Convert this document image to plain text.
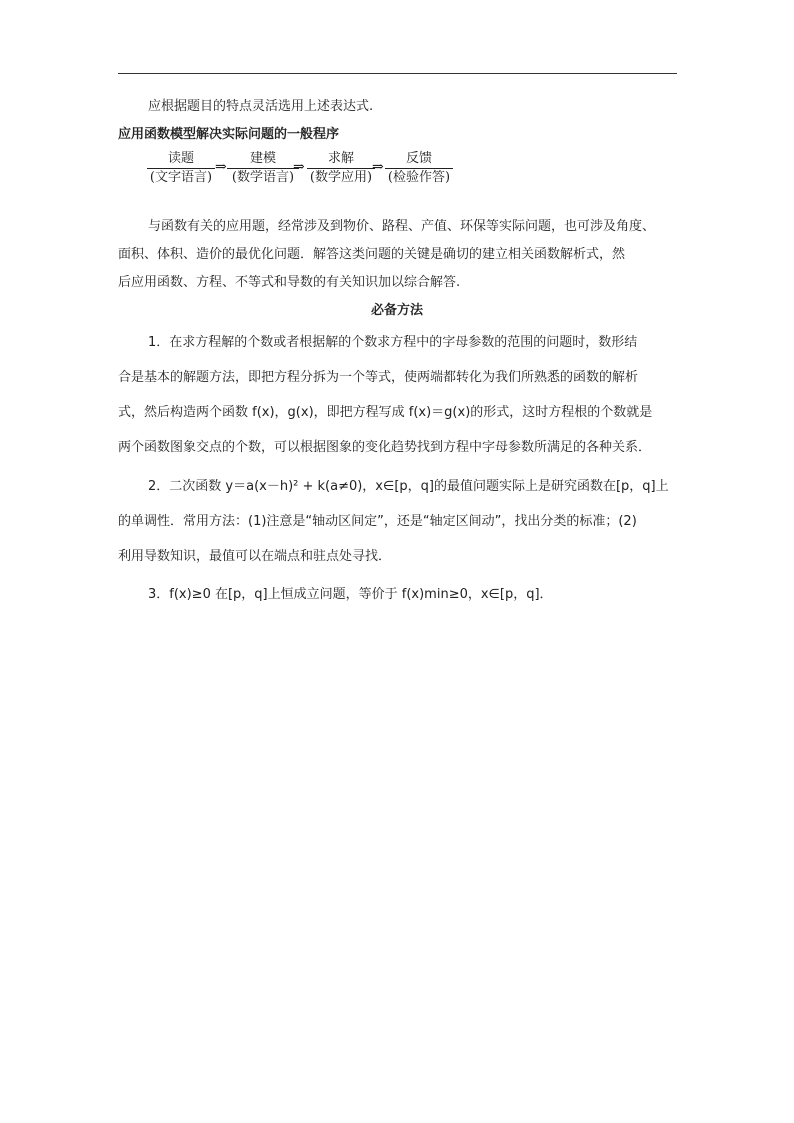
应根据题目的特点灵活选用上述表达式.
应用函数模型解决实际问题的一般程序
读题
(文字语言)
⇒
建模
(数学语言)
⇒
求解
(数学应用)
⇒
反馈
(检验作答)
与函数有关的应用题，经常涉及到物价、路程、产值、环保等实际问题，也可涉及角度、
面积、体积、造价的最优化问题．解答这类问题的关键是确切的建立相关函数解析式，然
后应用函数、方程、不等式和导数的有关知识加以综合解答.
必备方法
1．在求方程解的个数或者根据解的个数求方程中的字母参数的范围的问题时，数形结
合是基本的解题方法，即把方程分拆为一个等式，使两端都转化为我们所熟悉的函数的解析
式，然后构造两个函数 f(x)，g(x)，即把方程写成 f(x)＝g(x)的形式，这时方程根的个数就是
两个函数图象交点的个数，可以根据图象的变化趋势找到方程中字母参数所满足的各种关系．
2．二次函数 y＝a(x－h)² + k(a≠0)，x∈[p，q]的最值问题实际上是研究函数在[p，q]上
的单调性．常用方法：(1)注意是“轴动区间定”，还是“轴定区间动”，找出分类的标准；(2)
利用导数知识，最值可以在端点和驻点处寻找．
3．f(x)≥0 在[p，q]上恒成立问题，等价于 f(x)min≥0，x∈[p，q]．
